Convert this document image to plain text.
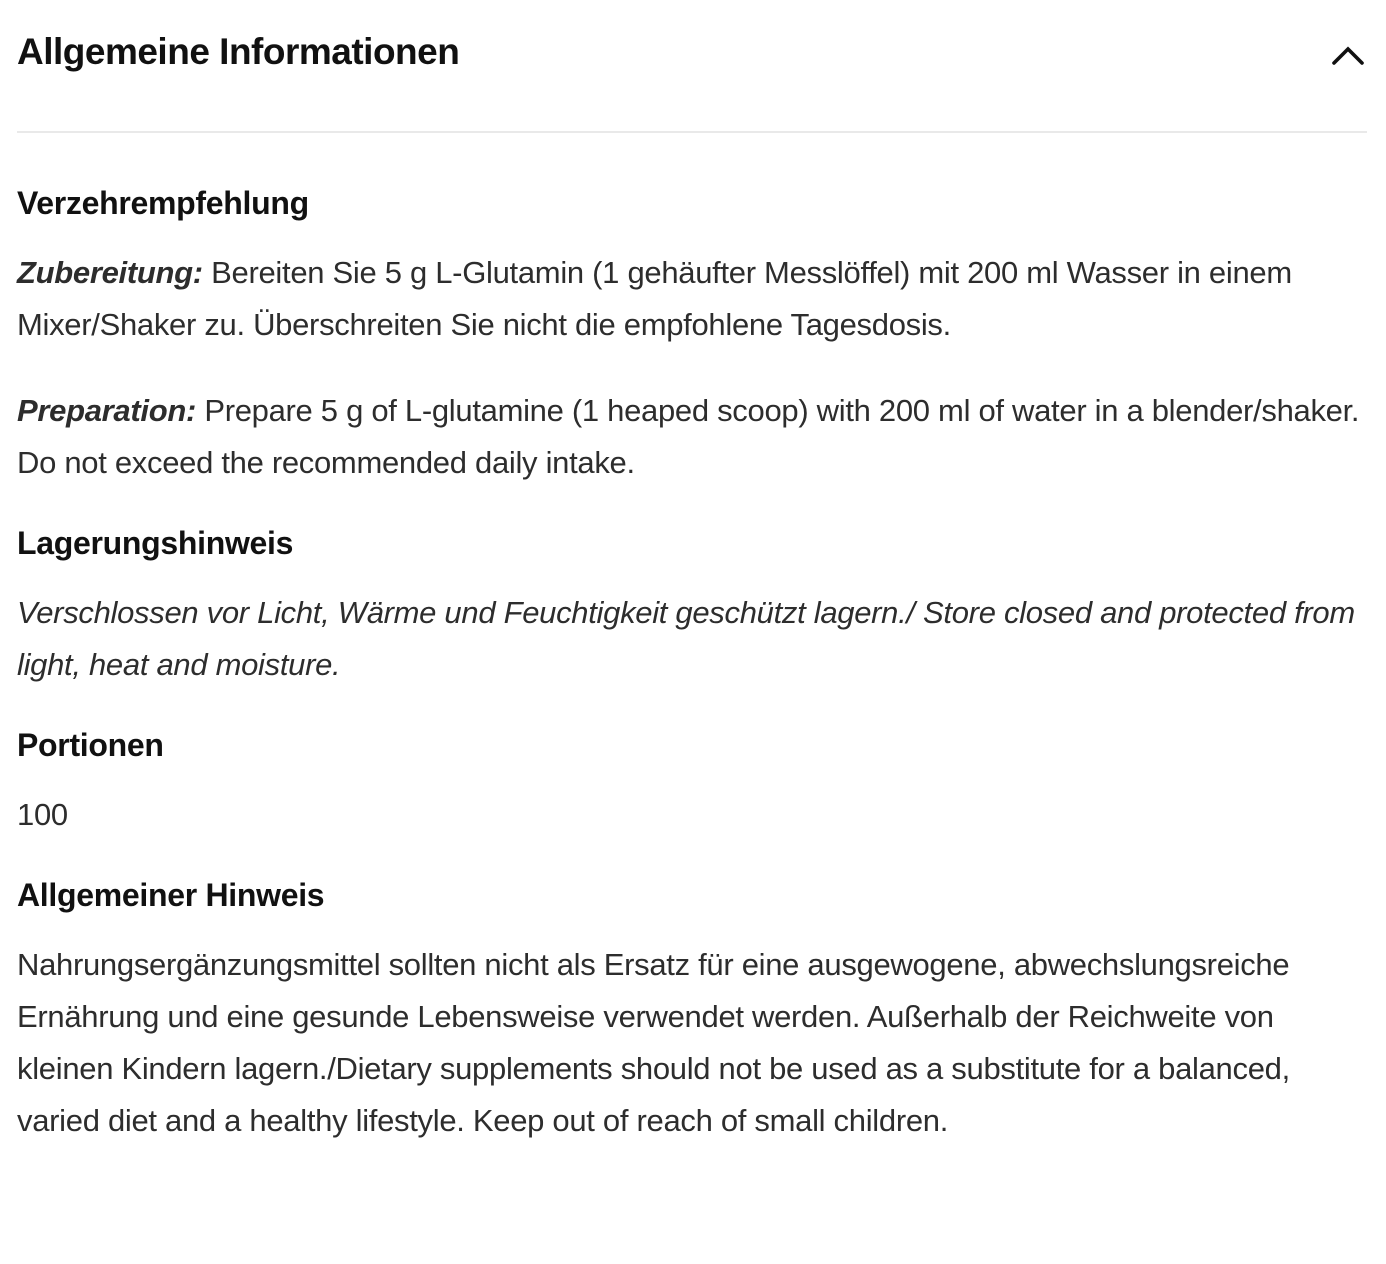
Allgemeine Informationen
Verzehrempfehlung

Zubereitung: Bereiten Sie 5 g L-Glutamin (1 gehäufter Messlöffel) mit 200 ml Wasser in einem Mixer/Shaker zu. Überschreiten Sie nicht die empfohlene Tagesdosis.

Preparation: Prepare 5 g of L-glutamine (1 heaped scoop) with 200 ml of water in a blender/shaker. Do not exceed the recommended daily intake.

Lagerungshinweis

Verschlossen vor Licht, Wärme und Feuchtigkeit geschützt lagern./ Store closed and protected from light, heat and moisture.

Portionen

100

Allgemeiner Hinweis

Nahrungsergänzungsmittel sollten nicht als Ersatz für eine ausgewogene, abwechslungsreiche Ernährung und eine gesunde Lebensweise verwendet werden. Außerhalb der Reichweite von kleinen Kindern lagern./Dietary supplements should not be used as a substitute for a balanced, varied diet and a healthy lifestyle. Keep out of reach of small children.
